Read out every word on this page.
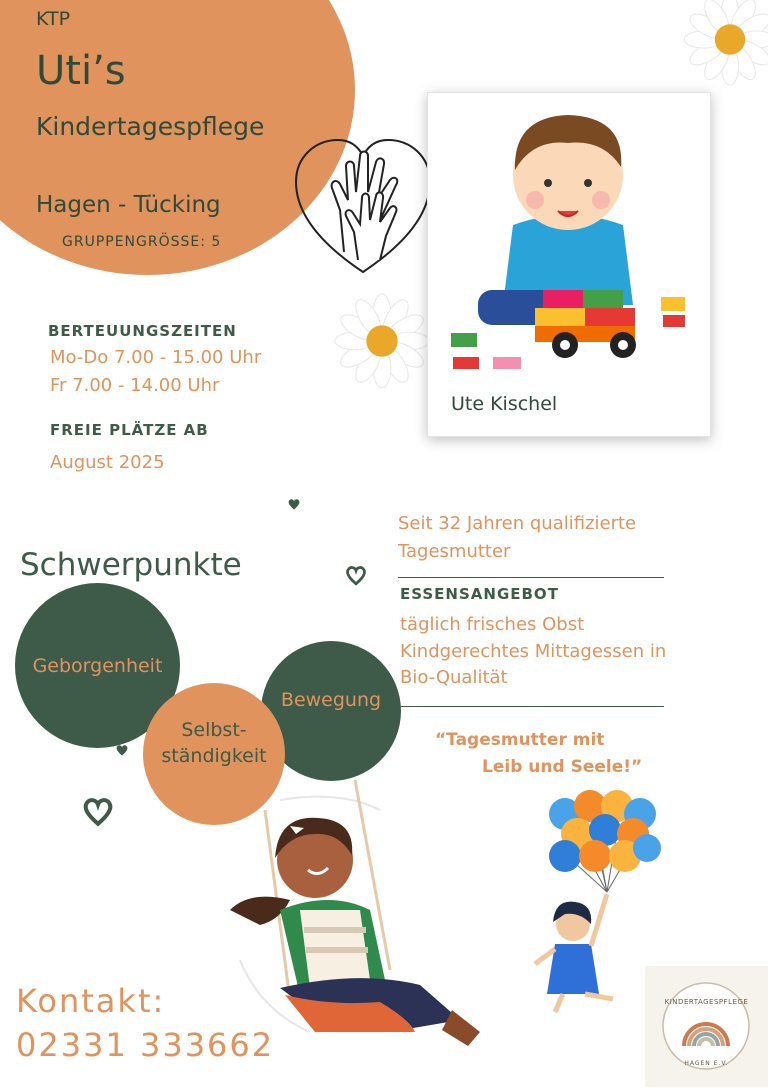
KTP
Uti’s
Kindertagespflege
Hagen - Tücking
GRUPPENGRÖSSE: 5
Ute Kischel
BERTEUUNGSZEITEN
Mo-Do 7.00 - 15.00 Uhr
Fr 7.00 - 14.00 Uhr
FREIE PLÄTZE AB
August 2025
Seit 32 Jahren qualifizierte
Tagesmutter
ESSENSANGEBOT
täglich frisches Obst
Kindgerechtes Mittagessen in
Bio-Qualität
Schwerpunkte
Geborgenheit
Bewegung
Selbst-
ständigkeit
“Tagesmutter mit
Leib und Seele!”
Kontakt:
02331 333662
KINDERTAGESPFLEGE
HAGEN E.V.
